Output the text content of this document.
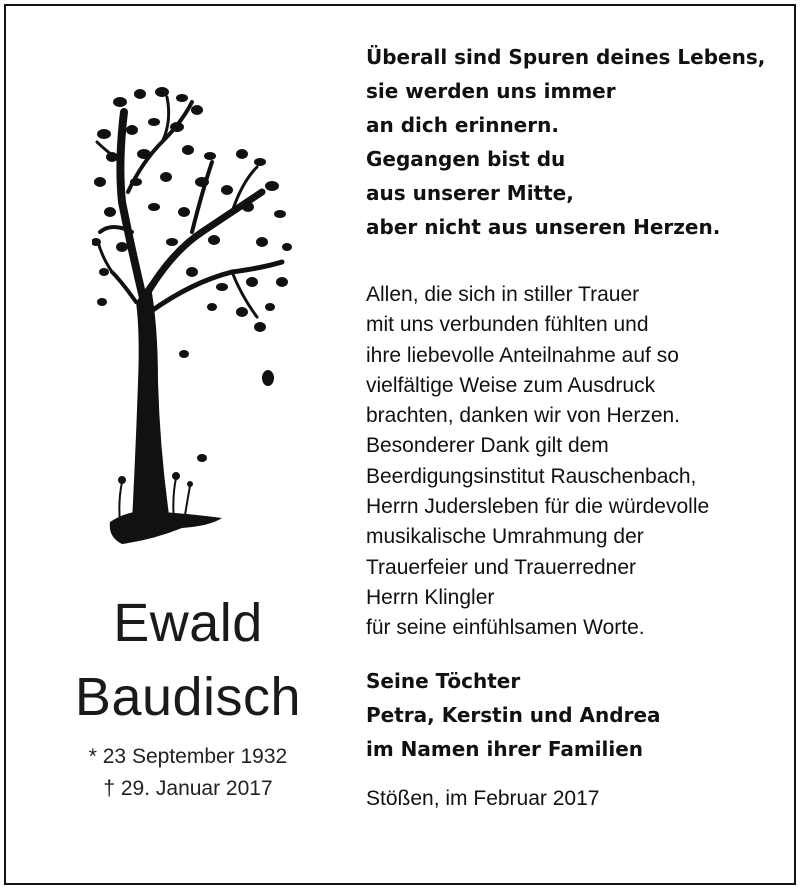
Ewald
Baudisch
* 23 September 1932
† 29. Januar 2017
Überall sind Spuren deines Lebens,
sie werden uns immer
an dich erinnern.
Gegangen bist du
aus unserer Mitte,
aber nicht aus unseren Herzen.
Allen, die sich in stiller Trauer
mit uns verbunden fühlten und
ihre liebevolle Anteilnahme auf so
vielfältige Weise zum Ausdruck
brachten, danken wir von Herzen.
Besonderer Dank gilt dem
Beerdigungsinstitut Rauschenbach,
Herrn Judersleben für die würdevolle
musikalische Umrahmung der
Trauerfeier und Trauerredner
Herrn Klingler
für seine einfühlsamen Worte.
Seine Töchter
Petra, Kerstin und Andrea
im Namen ihrer Familien
Stößen, im Februar 2017
